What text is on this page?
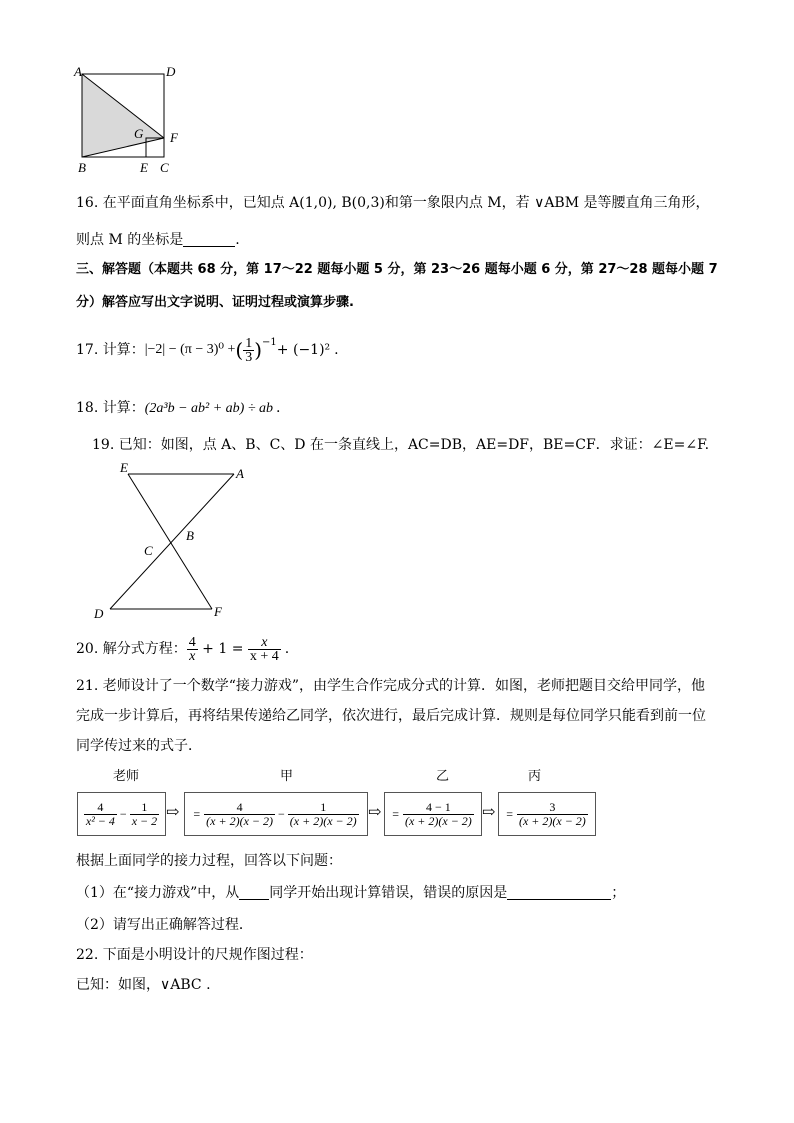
A	D
G F
B	E C
16. 在平面直角坐标系中，已知点 A(1,0), B(0,3)和第一象限内点 M，若 ∨ABM 是等腰直角三角形，
则点 M 的坐标是	.
三、解答题（本题共 68 分，第 17～22 题每小题 5 分，第 23～26 题每小题 6 分，第 27～28 题每小题 7
分）解答应写出文字说明、证明过程或演算步骤.
17. 计算： |−2| − (π − 3)⁰ + ( $\frac{1}{3} )^{-1} + (-1)^2$ .
18. 计算：(2a³b − ab² + ab) ÷ ab .
19. 已知：如图，点 A、B、C、D 在一条直线上，AC=DB，AE=DF，BE=CF．求证：∠E=∠F.
E	A
B
C
D	F
20. 解分式方程： $\frac{4}{x} + 1 = \frac{x}{x + 4}$ .
21. 老师设计了一个数学“接力游戏”，由学生合作完成分式的计算．如图，老师把题目交给甲同学，他
完成一步计算后，再将结果传递给乙同学，依次进行，最后完成计算．规则是每位同学只能看到前一位
同学传过来的式子．
老师	甲	乙	丙
$\frac{4}{\text{x² − 4}} - \frac{1}{x - 2}$ ⇨ = $\frac{4}{(x + 2)(x - 2)} - \frac{1}{(x + 2)(x - 2)}$ ⇨ = $\frac{4 - 1}{(x + 2)(x - 2)}$ ⇨ = $\frac{3}{(x + 2)(x - 2)}$
根据上面同学的接力过程，回答以下问题：
（1）在“接力游戏”中，从 同学开始出现计算错误，错误的原因是	；
（2）请写出正确解答过程．
22. 下面是小明设计的尺规作图过程：
已知：如图，∨ABC .
